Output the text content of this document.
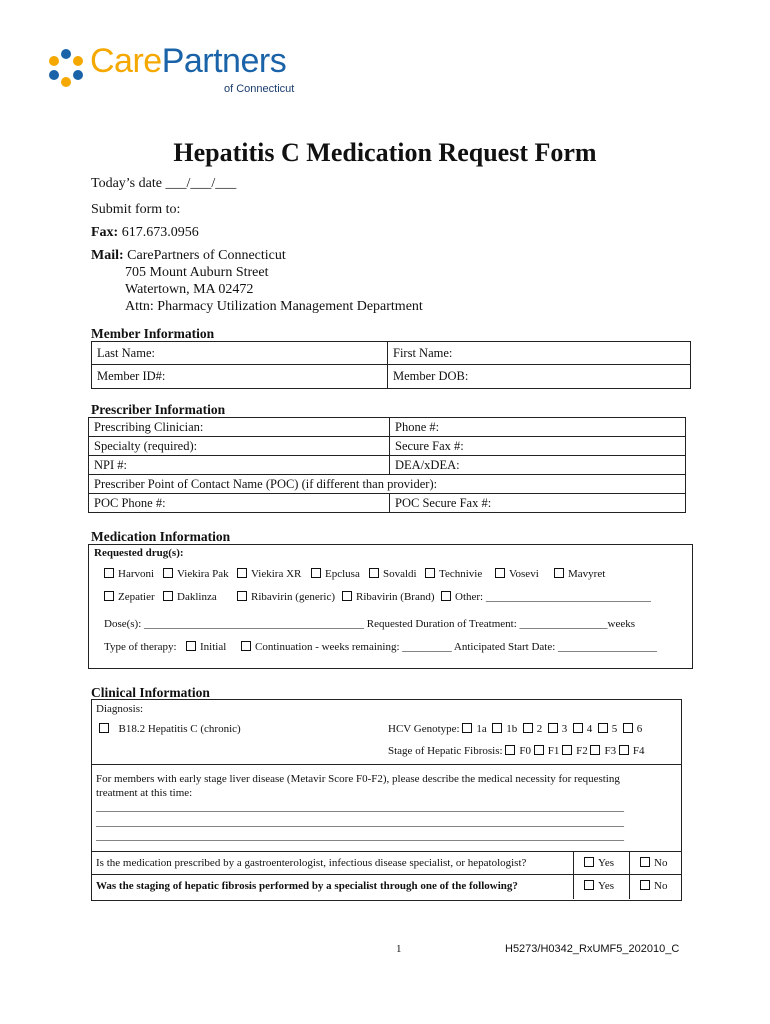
CarePartners
of Connecticut
Hepatitis C Medication Request Form
Today’s date ___/___/___
Submit form to:
Fax: 617.673.0956
Mail: CarePartners of Connecticut
705 Mount Auburn Street
Watertown, MA 02472
Attn: Pharmacy Utilization Management Department
Member Information
Last Name:	First Name:
Member ID#:	Member DOB:
Prescriber Information
Prescribing Clinician:	Phone #:
Specialty (required):	Secure Fax #:
NPI #:	DEA/xDEA:
Prescriber Point of Contact Name (POC) (if different than provider):	
POC Phone #:	POC Secure Fax #:
Medication Information
Requested drug(s):
Harvoni	Viekira Pak	Viekira XR	Epclusa	Sovaldi	Technivie	Vosevi	Mavyret
Zepatier	Daklinza	Ribavirin (generic)	Ribavirin (Brand)	Other: ______________________________
Dose(s): ________________________________________ Requested Duration of Treatment: ________________weeks
Type of therapy:	Initial	Continuation - weeks remaining: _________ Anticipated Start Date: __________________
Clinical Information
Diagnosis:
B18.2 Hepatitis C (chronic)	HCV Genotype: 1a 1b 2 3 4 5 6
Stage of Hepatic Fibrosis: F0 F1 F2 F3 F4
For members with early stage liver disease (Metavir Score F0-F2), please describe the medical necessity for requesting
treatment at this time:
________________________________________________________________________________________________
________________________________________________________________________________________________
________________________________________________________________________________________________
Is the medication prescribed by a gastroenterologist, infectious disease specialist, or hepatologist?	Yes	No
Was the staging of hepatic fibrosis performed by a specialist through one of the following?	Yes	No
1	H5273/H0342_RxUMF5_202010_C
